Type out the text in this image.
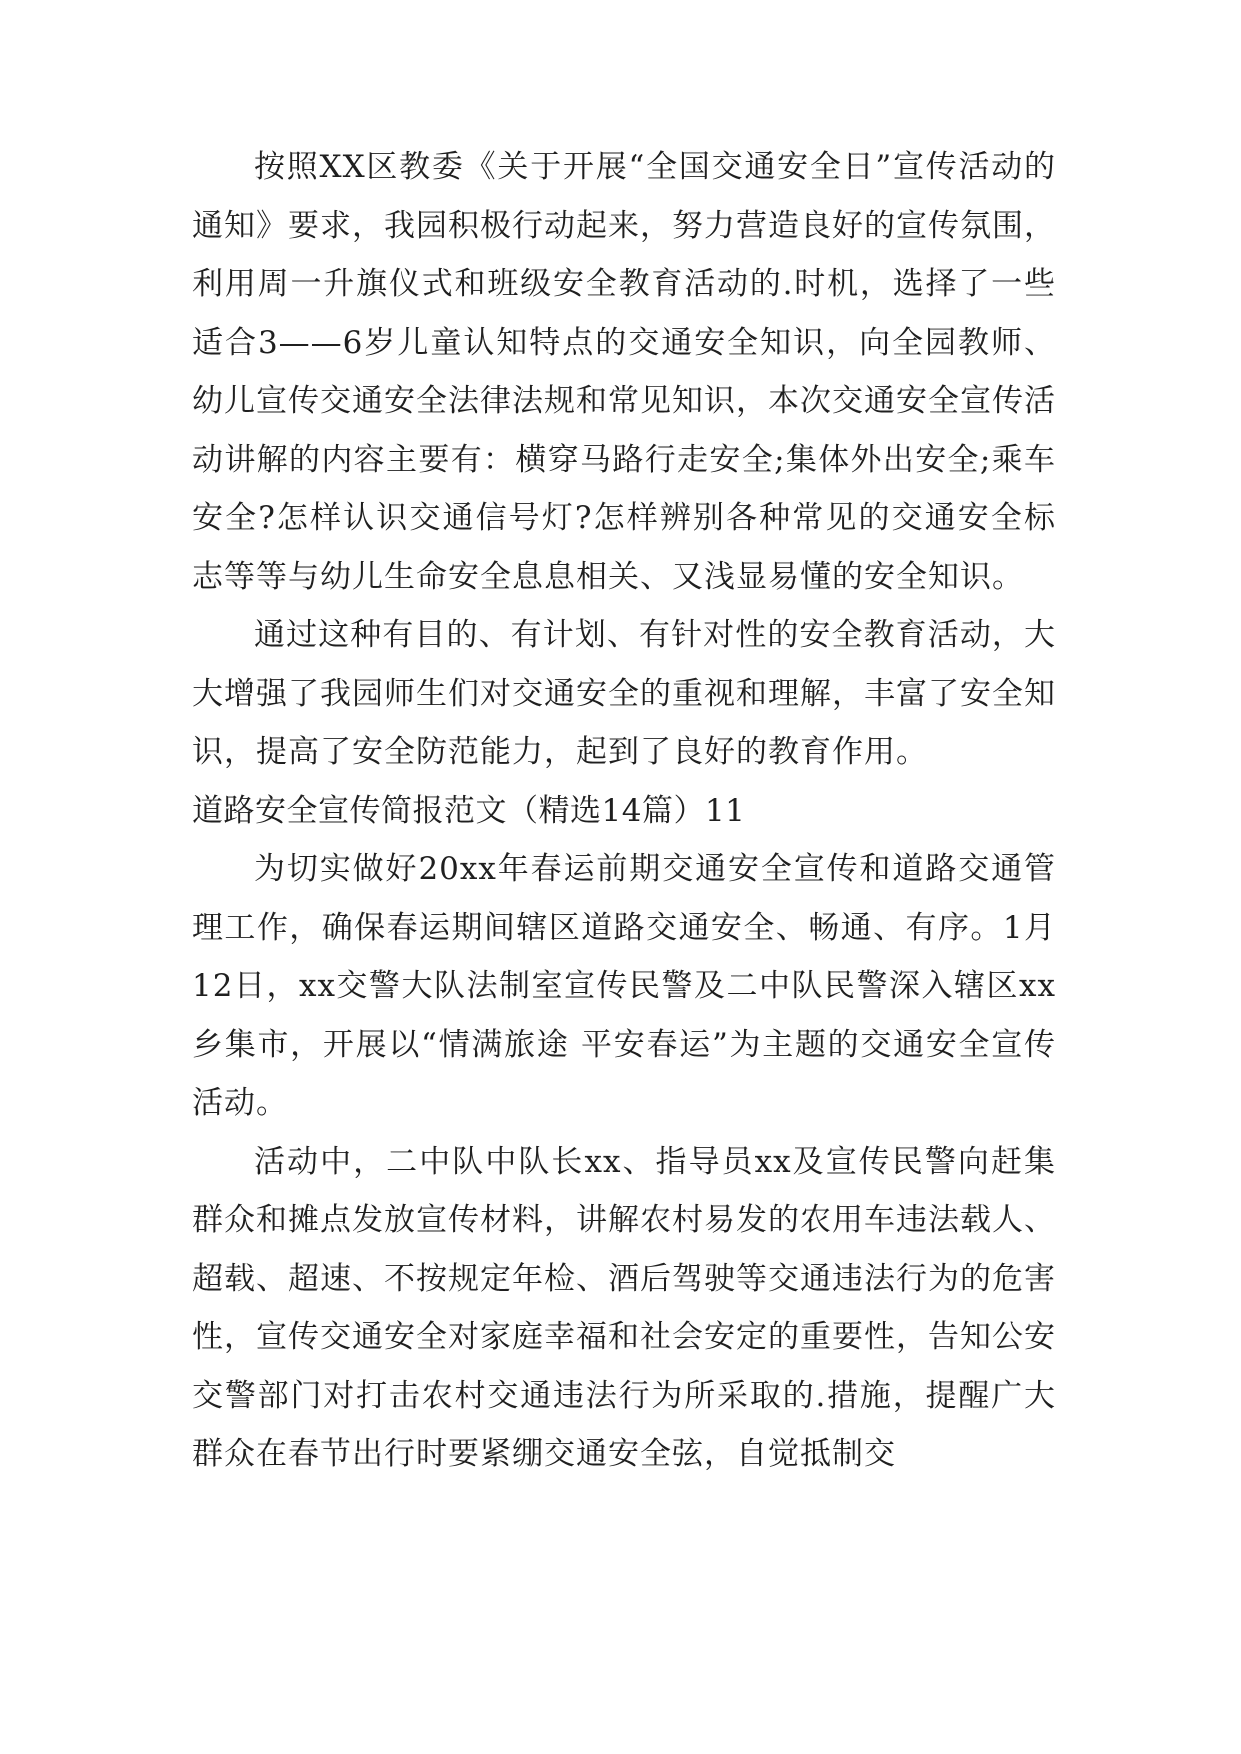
按照XX区教委《关于开展“全国交通安全日”宣传活动的通知》要求，我园积极行动起来，努力营造良好的宣传氛围，利用周一升旗仪式和班级安全教育活动的.时机，选择了一些适合3——6岁儿童认知特点的交通安全知识，向全园教师、幼儿宣传交通安全法律法规和常见知识，本次交通安全宣传活动讲解的内容主要有：横穿马路行走安全;集体外出安全;乘车安全?怎样认识交通信号灯?怎样辨别各种常见的交通安全标志等等与幼儿生命安全息息相关、又浅显易懂的安全知识。

通过这种有目的、有计划、有针对性的安全教育活动，大大增强了我园师生们对交通安全的重视和理解，丰富了安全知识，提高了安全防范能力，起到了良好的教育作用。

道路安全宣传简报范文（精选14篇）11

为切实做好20xx年春运前期交通安全宣传和道路交通管理工作，确保春运期间辖区道路交通安全、畅通、有序。1月12日，xx交警大队法制室宣传民警及二中队民警深入辖区xx乡集市，开展以“情满旅途 平安春运”为主题的交通安全宣传活动。

活动中，二中队中队长xx、指导员xx及宣传民警向赶集群众和摊点发放宣传材料，讲解农村易发的农用车违法载人、超载、超速、不按规定年检、酒后驾驶等交通违法行为的危害性，宣传交通安全对家庭幸福和社会安定的重要性，告知公安交警部门对打击农村交通违法行为所采取的.措施，提醒广大群众在春节出行时要紧绷交通安全弦，自觉抵制交
